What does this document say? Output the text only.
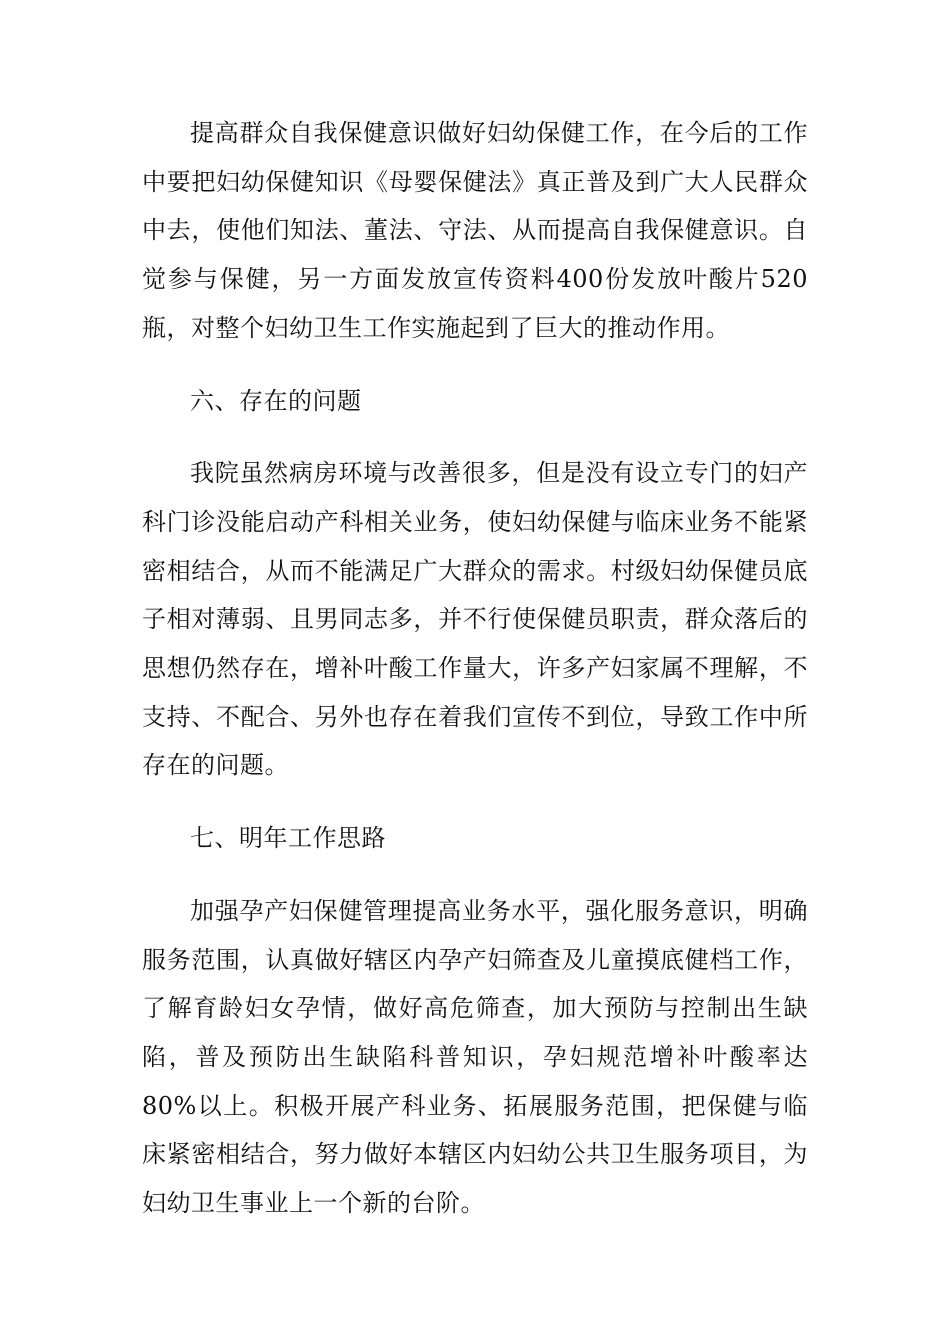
提高群众自我保健意识做好妇幼保健工作，在今后的工作中要把妇幼保健知识《母婴保健法》真正普及到广大人民群众中去，使他们知法、董法、守法、从而提高自我保健意识。自觉参与保健，另一方面发放宣传资料400份发放叶酸片520瓶，对整个妇幼卫生工作实施起到了巨大的推动作用。

六、存在的问题

我院虽然病房环境与改善很多，但是没有设立专门的妇产科门诊没能启动产科相关业务，使妇幼保健与临床业务不能紧密相结合，从而不能满足广大群众的需求。村级妇幼保健员底子相对薄弱、且男同志多，并不行使保健员职责，群众落后的思想仍然存在，增补叶酸工作量大，许多产妇家属不理解，不支持、不配合、另外也存在着我们宣传不到位，导致工作中所存在的问题。

七、明年工作思路

加强孕产妇保健管理提高业务水平，强化服务意识，明确服务范围，认真做好辖区内孕产妇筛查及儿童摸底健档工作，了解育龄妇女孕情，做好高危筛查，加大预防与控制出生缺陷，普及预防出生缺陷科普知识，孕妇规范增补叶酸率达80%以上。积极开展产科业务、拓展服务范围，把保健与临床紧密相结合，努力做好本辖区内妇幼公共卫生服务项目，为妇幼卫生事业上一个新的台阶。
